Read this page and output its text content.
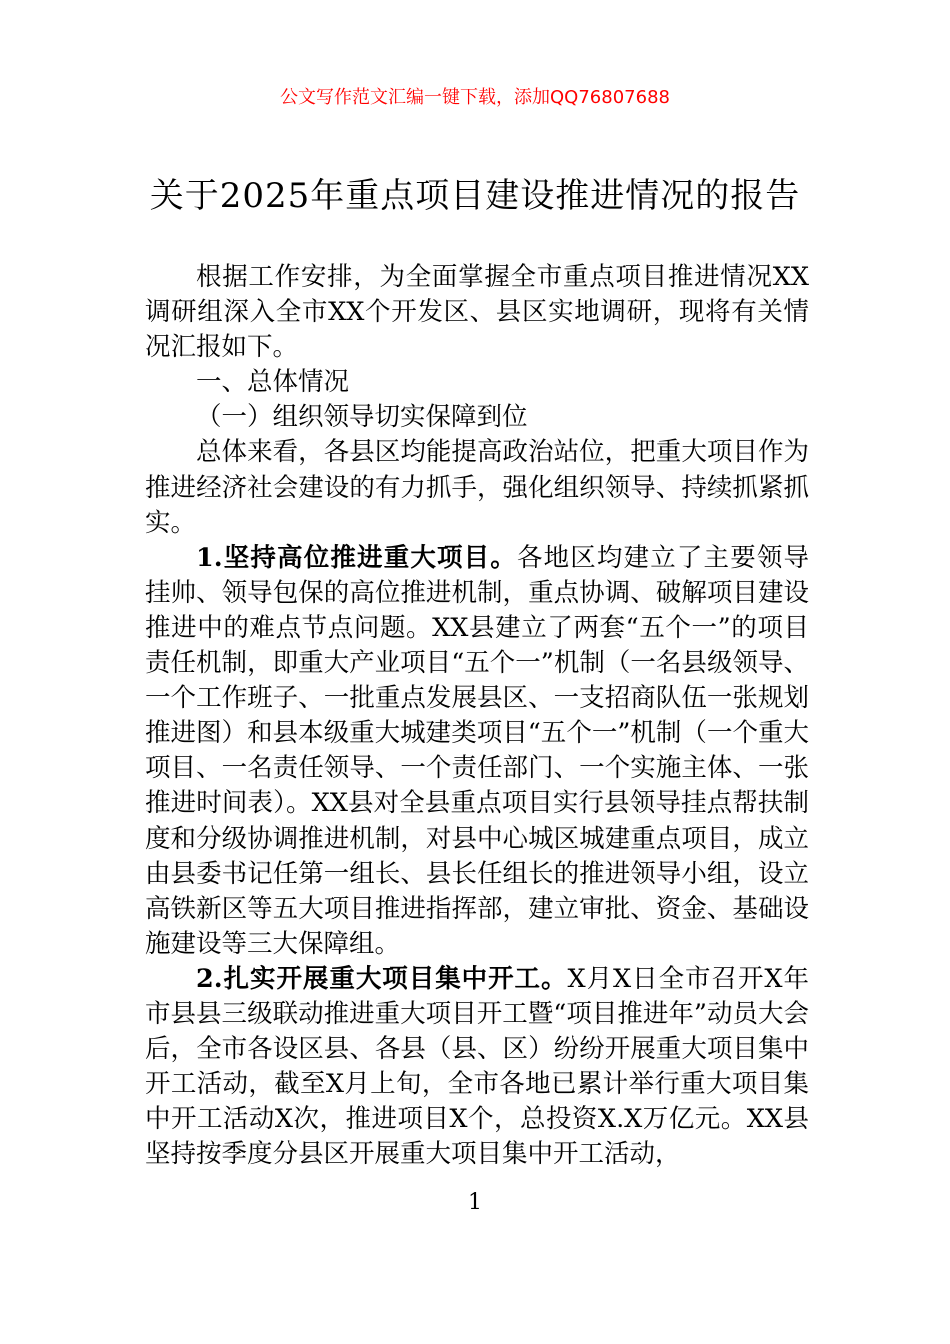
公文写作范文汇编一键下载，添加QQ76807688
关于2025年重点项目建设推进情况的报告

根据工作安排，为全面掌握全市重点项目推进情况XX调研组深入全市XX个开发区、县区实地调研，现将有关情况汇报如下。

一、总体情况

（一）组织领导切实保障到位

总体来看，各县区均能提高政治站位，把重大项目作为推进经济社会建设的有力抓手，强化组织领导、持续抓紧抓实。

1.坚持高位推进重大项目。各地区均建立了主要领导挂帅、领导包保的高位推进机制，重点协调、破解项目建设推进中的难点节点问题。XX县建立了两套“五个一”的项目责任机制，即重大产业项目“五个一”机制（一名县级领导、一个工作班子、一批重点发展县区、一支招商队伍一张规划推进图）和县本级重大城建类项目“五个一”机制（一个重大项目、一名责任领导、一个责任部门、一个实施主体、一张推进时间表）。XX县对全县重点项目实行县领导挂点帮扶制度和分级协调推进机制，对县中心城区城建重点项目，成立由县委书记任第一组长、县长任组长的推进领导小组，设立高铁新区等五大项目推进指挥部，建立审批、资金、基础设施建设等三大保障组。

2.扎实开展重大项目集中开工。X月X日全市召开X年市县县三级联动推进重大项目开工暨“项目推进年”动员大会后，全市各设区县、各县（县、区）纷纷开展重大项目集中开工活动，截至X月上旬，全市各地已累计举行重大项目集中开工活动X次，推进项目X个，总投资X.X万亿元。XX县坚持按季度分县区开展重大项目集中开工活动，

1
